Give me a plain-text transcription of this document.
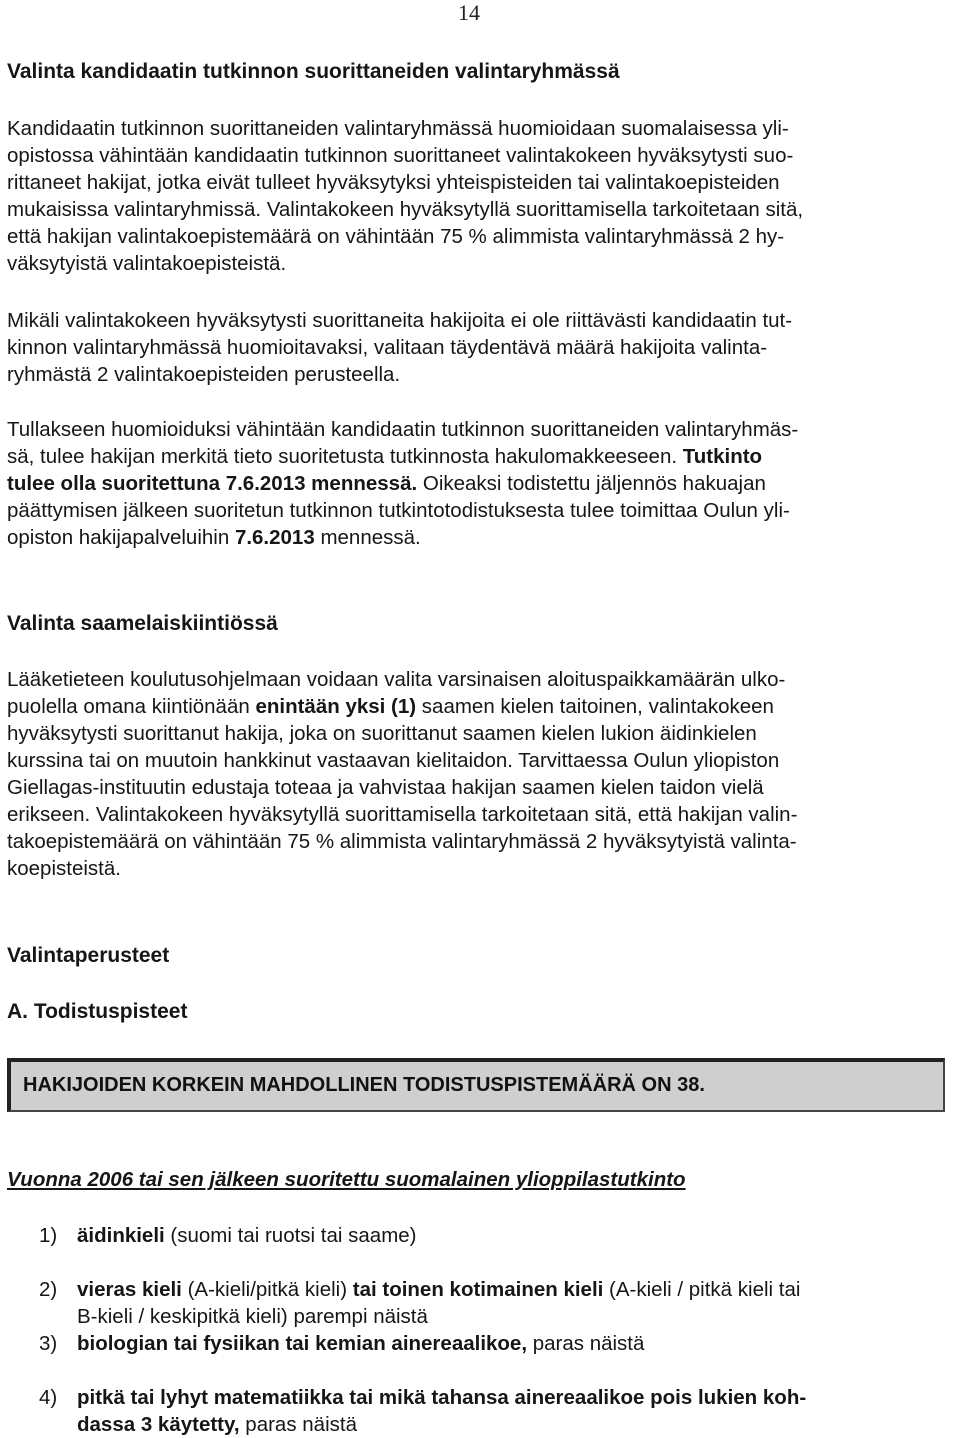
14
Valinta kandidaatin tutkinnon suorittaneiden valintaryhmässä

Kandidaatin tutkinnon suorittaneiden valintaryhmässä huomioidaan suomalaisessa yli-
opistossa vähintään kandidaatin tutkinnon suorittaneet valintakokeen hyväksytysti suo-
rittaneet hakijat, jotka eivät tulleet hyväksytyksi yhteispisteiden tai valintakoepisteiden
mukaisissa valintaryhmissä. Valintakokeen hyväksytyllä suorittamisella tarkoitetaan sitä,
että hakijan valintakoepistemäärä on vähintään 75 % alimmista valintaryhmässä 2 hy-
väksytyistä valintakoepisteistä.

Mikäli valintakokeen hyväksytysti suorittaneita hakijoita ei ole riittävästi kandidaatin tut-
kinnon valintaryhmässä huomioitavaksi, valitaan täydentävä määrä hakijoita valinta-
ryhmästä 2 valintakoepisteiden perusteella.

Tullakseen huomioiduksi vähintään kandidaatin tutkinnon suorittaneiden valintaryhmäs-
sä, tulee hakijan merkitä tieto suoritetusta tutkinnosta hakulomakkeeseen. Tutkinto
tulee olla suoritettuna 7.6.2013 mennessä. Oikeaksi todistettu jäljennös hakuajan
päättymisen jälkeen suoritetun tutkinnon tutkintotodistuksesta tulee toimittaa Oulun yli-
opiston hakijapalveluihin 7.6.2013 mennessä.

Valinta saamelaiskiintiössä

Lääketieteen koulutusohjelmaan voidaan valita varsinaisen aloituspaikkamäärän ulko-
puolella omana kiintiönään enintään yksi (1) saamen kielen taitoinen, valintakokeen
hyväksytysti suorittanut hakija, joka on suorittanut saamen kielen lukion äidinkielen
kurssina tai on muutoin hankkinut vastaavan kielitaidon. Tarvittaessa Oulun yliopiston
Giellagas-instituutin edustaja toteaa ja vahvistaa hakijan saamen kielen taidon vielä
erikseen. Valintakokeen hyväksytyllä suorittamisella tarkoitetaan sitä, että hakijan valin-
takoepistemäärä on vähintään 75 % alimmista valintaryhmässä 2 hyväksytyistä valinta-
koepisteistä.

Valintaperusteet
A. Todistuspisteet
HAKIJOIDEN KORKEIN MAHDOLLINEN TODISTUSPISTEMÄÄRÄ ON 38.
Vuonna 2006 tai sen jälkeen suoritettu suomalainen ylioppilastutkinto
1) äidinkieli (suomi tai ruotsi tai saame)

2) vieras kieli (A-kieli/pitkä kieli) tai toinen kotimainen kieli (A-kieli / pitkä kieli tai
B-kieli / keskipitkä kieli) parempi näistä

3) biologian tai fysiikan tai kemian ainereaalikoe, paras näistä

4) pitkä tai lyhyt matematiikka tai mikä tahansa ainereaalikoe pois lukien koh-
dassa 3 käytetty, paras näistä
